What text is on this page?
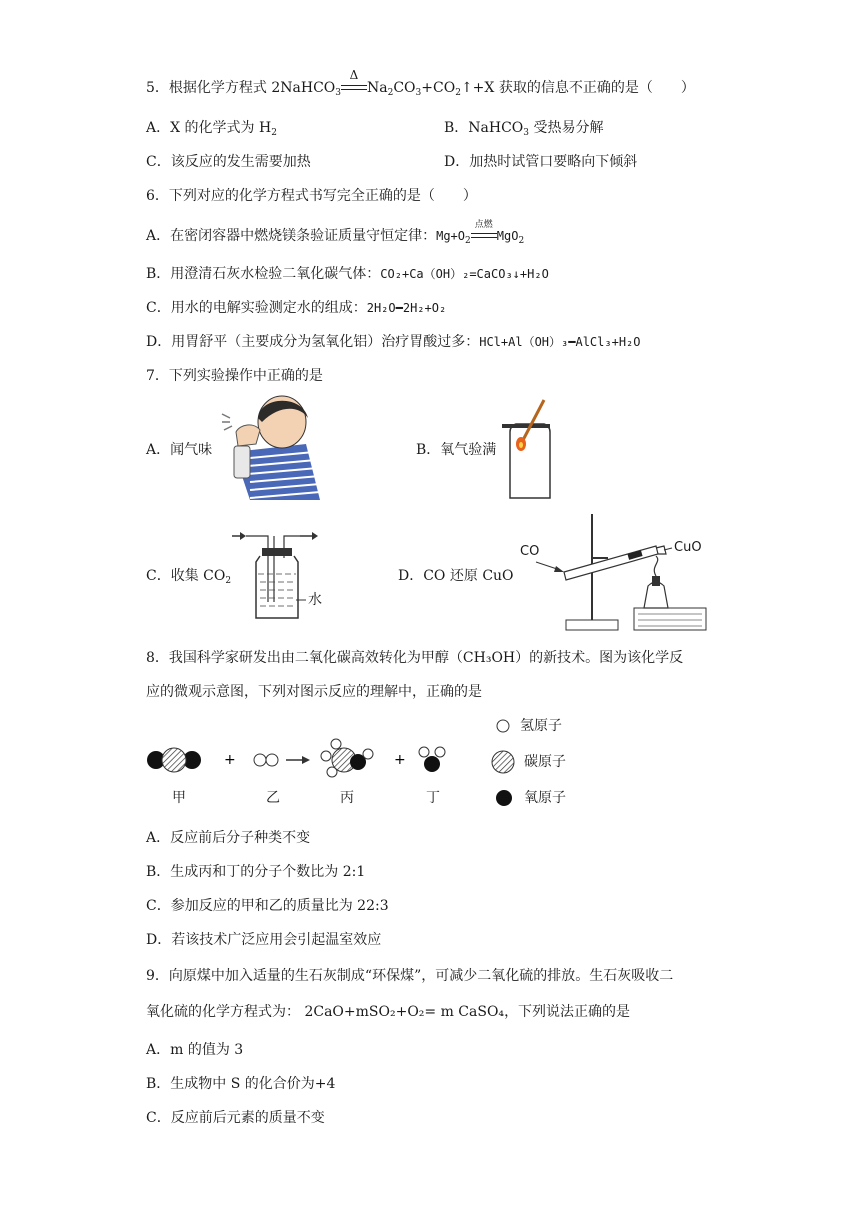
5．根据化学方程式 2NaHCO$_3$
Δ
$Na_2CO_3+CO_2↑+X$ 获取的信息不正确的是（　　）
A．X 的化学式为 $H_2$	B．NaHCO$_3$ 受热易分解
C．该反应的发生需要加热	D．加热时试管口要略向下倾斜
6．下列对应的化学方程式书写完全正确的是（　　）
A．在密闭容器中燃烧镁条验证质量守恒定律：$Mg+O_2$
点燃
MgO$_2$
B．用澄清石灰水检验二氧化碳气体：CO₂+Ca（OH）₂=CaCO₃↓+H₂O
C．用水的电解实验测定水的组成：2H₂O━2H₂+O₂
D．用胃舒平（主要成分为氢氧化铝）治疗胃酸过多：HCl+Al（OH）₃━AlCl₃+H₂O
7．下列实验操作中正确的是
A．闻气味	B．氧气验满
C．收集 $CO_2$
水
D．CO 还原 CuO
CO	CuO
8．我国科学家研发出由二氧化碳高效转化为甲醇（CH₃OH）的新技术。图为该化学反
应的微观示意图，下列对图示反应的理解中，正确的是
+	+
氢原子
碳原子
氧原子
甲	乙	丙	丁
A．反应前后分子种类不变
B．生成丙和丁的分子个数比为 2:1
C．参加反应的甲和乙的质量比为 22:3
D．若该技术广泛应用会引起温室效应
9．向原煤中加入适量的生石灰制成“环保煤”，可减少二氧化硫的排放。生石灰吸收二
氧化硫的化学方程式为： 2CaO+mSO₂+O₂= m CaSO₄，下列说法正确的是
A．m 的值为 3
B．生成物中 S 的化合价为+4
C．反应前后元素的质量不变
